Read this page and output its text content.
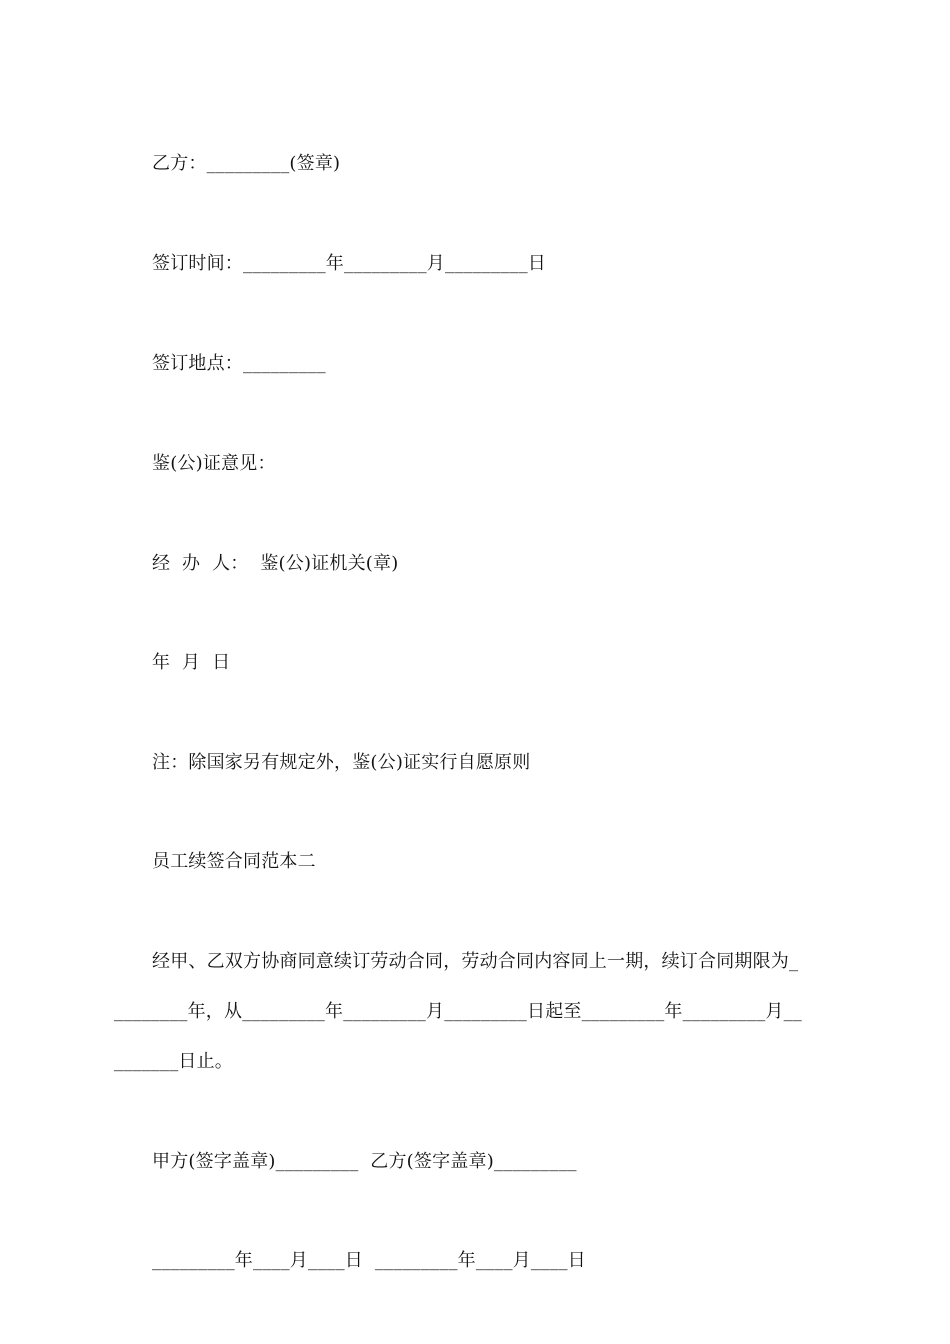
乙方：_________(签章)
签订时间：_________年_________月_________日
签订地点：_________
鉴(公)证意见：
经  办  人：  鉴(公)证机关(章)
年  月  日
注：除国家另有规定外，鉴(公)证实行自愿原则
员工续签合同范本二
经甲、乙双方协商同意续订劳动合同，劳动合同内容同上一期，续订合同期限为_
________年，从_________年_________月_________日起至_________年_________月__
_______日止。
甲方(签字盖章)_________  乙方(签字盖章)_________
_________年____月____日  _________年____月____日
